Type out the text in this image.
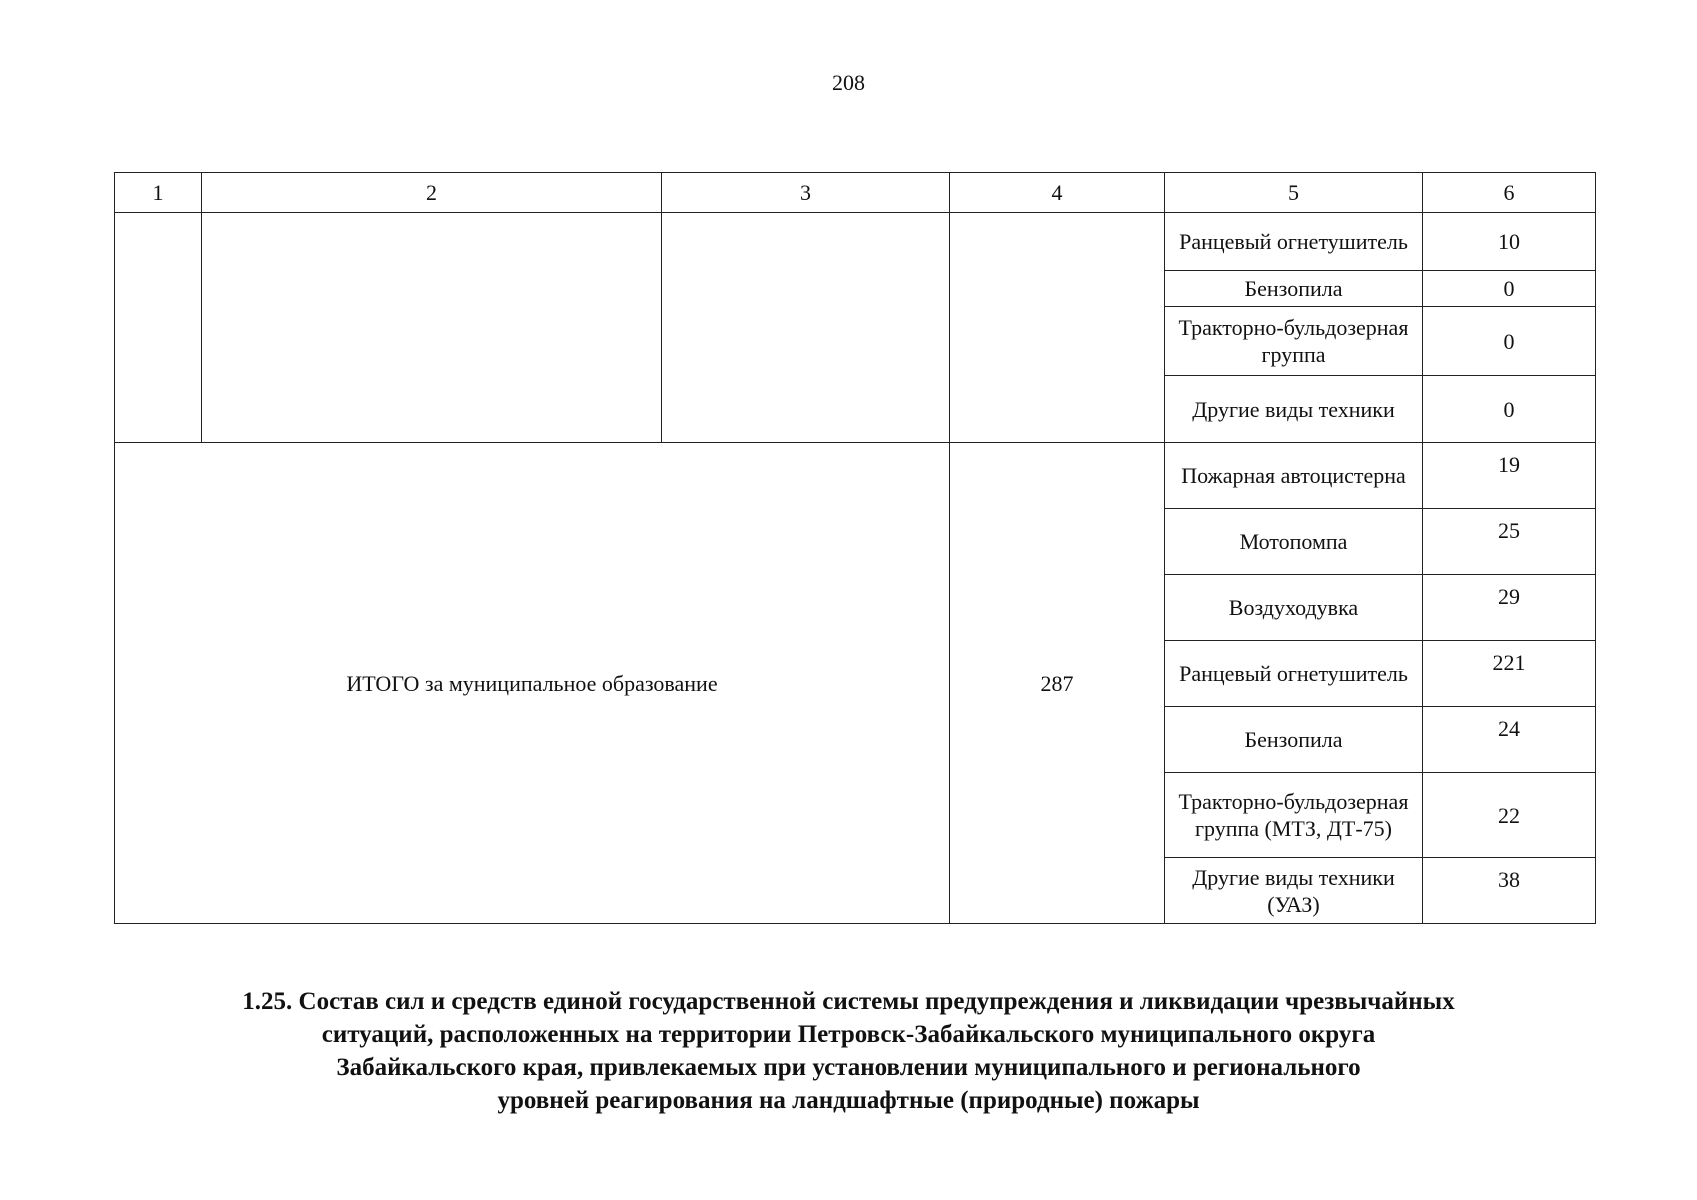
208
1	2	3	4	5	6
				Ранцевый огнетушитель	10
				Бензопила	0
				Тракторно-бульдозерная группа	0
				Другие виды техники	0
ИТОГО за муниципальное образование			287	Пожарная автоцистерна	19
				Мотопомпа	25
				Воздуходувка	29
				Ранцевый огнетушитель	221
				Бензопила	24
				Тракторно-бульдозерная группа (МТЗ, ДТ-75)	22
				Другие виды техники (УАЗ)	38
1.25. Состав сил и средств единой государственной системы предупреждения и ликвидации чрезвычайных
ситуаций, расположенных на территории Петровск-Забайкальского муниципального округа
Забайкальского края, привлекаемых при установлении муниципального и регионального
уровней реагирования на ландшафтные (природные) пожары
